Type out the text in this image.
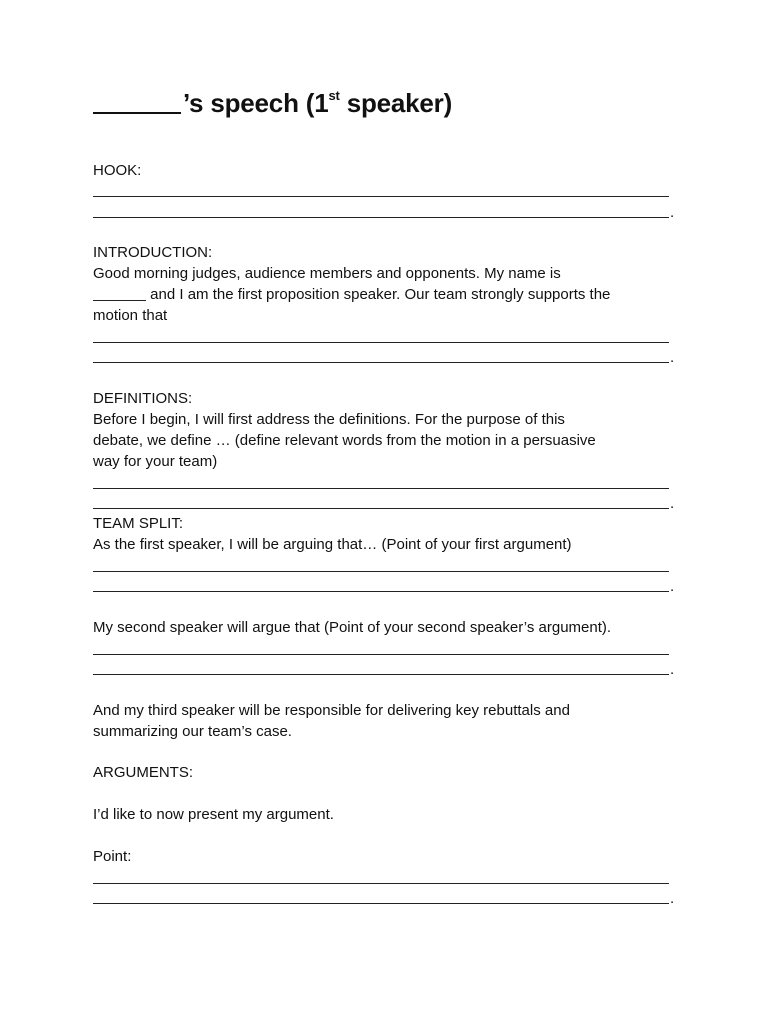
’s speech (1st speaker)
HOOK:
.
INTRODUCTION:
Good morning judges, audience members and opponents. My name is
and I am the first proposition speaker. Our team strongly supports the
motion that
.
DEFINITIONS:
Before I begin, I will first address the definitions. For the purpose of this
debate, we define … (define relevant words from the motion in a persuasive
way for your team)
.
TEAM SPLIT:
As the first speaker, I will be arguing that… (Point of your first argument)
.
My second speaker will argue that (Point of your second speaker’s argument).
.
And my third speaker will be responsible for delivering key rebuttals and
summarizing our team’s case.
ARGUMENTS:
I’d like to now present my argument.
Point:
.
